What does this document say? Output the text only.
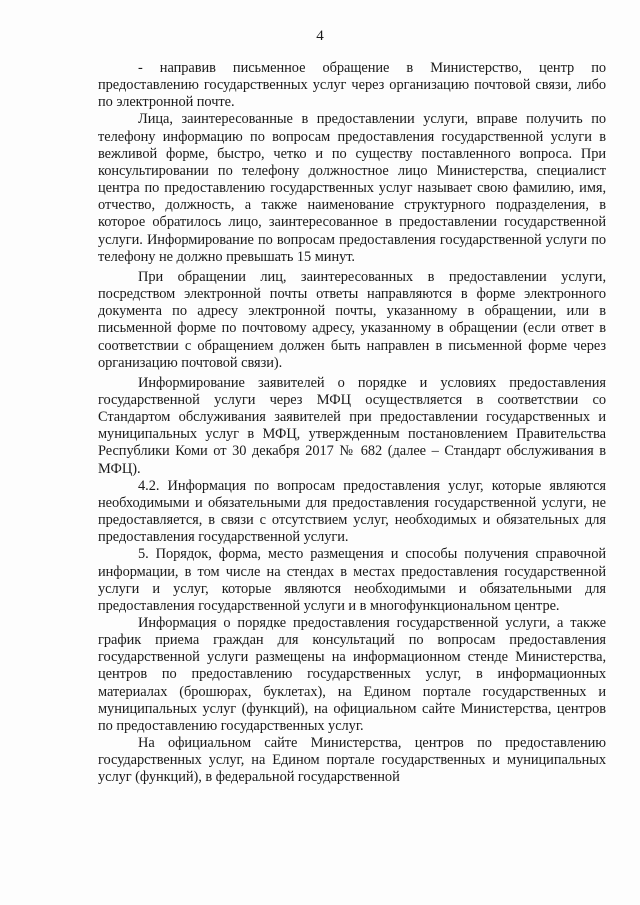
4

- направив письменное обращение в Министерство, центр по предоставлению государственных услуг через организацию почтовой связи, либо по электронной почте.

Лица, заинтересованные в предоставлении услуги, вправе получить по телефону информацию по вопросам предоставления государственной услуги в вежливой форме, быстро, четко и по существу поставленного вопроса. При консультировании по телефону должностное лицо Министерства, специалист центра по предоставлению государственных услуг называет свою фамилию, имя, отчество, должность, а также наименование структурного подразделения, в которое обратилось лицо, заинтересованное в предоставлении государственной услуги. Информирование по вопросам предоставления государственной услуги по телефону не должно превышать 15 минут.

При обращении лиц, заинтересованных в предоставлении услуги, посредством электронной почты ответы направляются в форме электронного документа по адресу электронной почты, указанному в обращении, или в письменной форме по почтовому адресу, указанному в обращении (если ответ в соответствии с обращением должен быть направлен в письменной форме через организацию почтовой связи).

Информирование заявителей о порядке и условиях предоставления государственной услуги через МФЦ осуществляется в соответствии со Стандартом обслуживания заявителей при предоставлении государственных и муниципальных услуг в МФЦ, утвержденным постановлением Правительства Республики Коми от 30 декабря 2017 № 682 (далее – Стандарт обслуживания в МФЦ).

4.2. Информация по вопросам предоставления услуг, которые являются необходимыми и обязательными для предоставления государственной услуги, не предоставляется, в связи с отсутствием услуг, необходимых и обязательных для предоставления государственной услуги.

5. Порядок, форма, место размещения и способы получения справочной информации, в том числе на стендах в местах предоставления государственной услуги и услуг, которые являются необходимыми и обязательными для предоставления государственной услуги и в многофункциональном центре.

Информация о порядке предоставления государственной услуги, а также график приема граждан для консультаций по вопросам предоставления государственной услуги размещены на информационном стенде Министерства, центров по предоставлению государственных услуг, в информационных материалах (брошюрах, буклетах), на Едином портале государственных и муниципальных услуг (функций), на официальном сайте Министерства, центров по предоставлению государственных услуг.

На официальном сайте Министерства, центров по предоставлению государственных услуг, на Едином портале государственных и муниципальных услуг (функций), в федеральной государственной
